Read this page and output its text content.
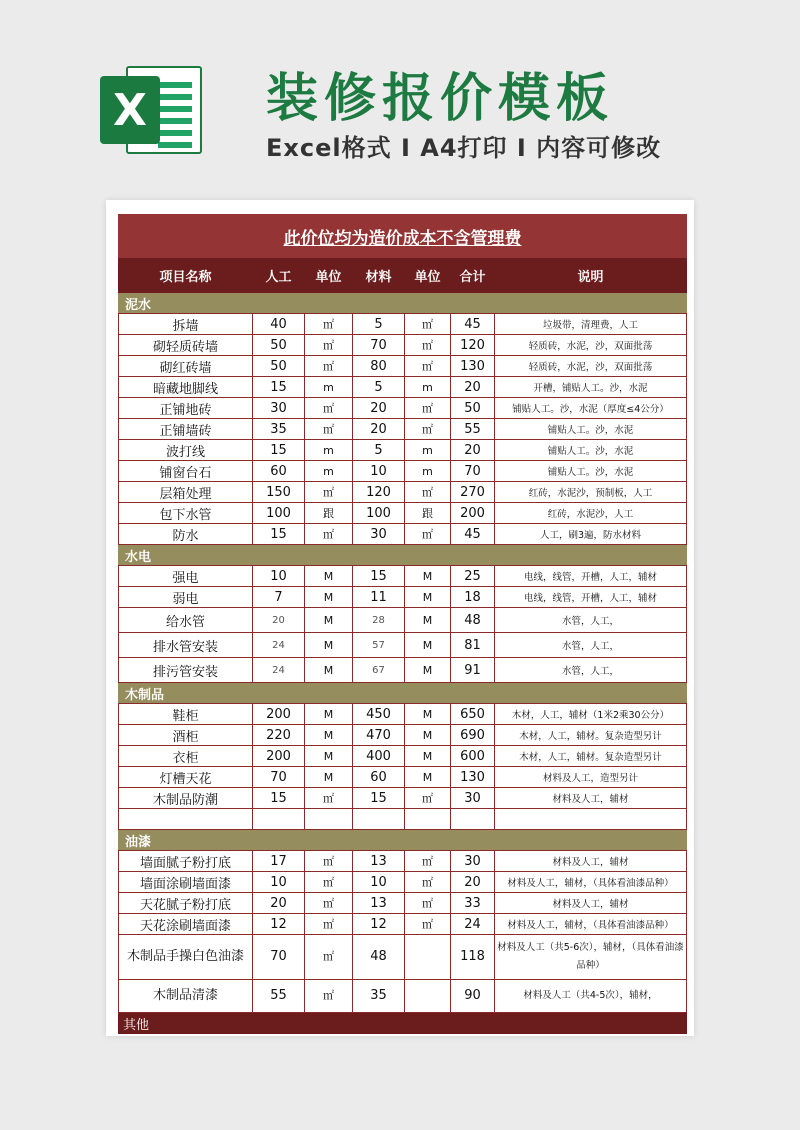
X 装修报价模板
Excel格式 I A4打印 I 内容可修改
此价位均为造价成本不含管理费						
项目名称	人工	单位	材料	单位	合计	说明
泥水						
拆墙	40	㎡	5	㎡	45	垃圾带，清理费，人工
砌轻质砖墙	50	㎡	70	㎡	120	轻质砖，水泥，沙，双面批荡
砌红砖墙	50	㎡	80	㎡	130	轻质砖，水泥，沙，双面批荡
暗藏地脚线	15	m	5	m	20	开槽，铺贴人工。沙，水泥
正铺地砖	30	㎡	20	㎡	50	铺贴人工。沙，水泥（厚度≤4公分）
正铺墙砖	35	㎡	20	㎡	55	铺贴人工。沙，水泥
波打线	15	m	5	m	20	铺贴人工。沙，水泥
铺窗台石	60	m	10	m	70	铺贴人工。沙，水泥
层箱处理	150	㎡	120	㎡	270	红砖，水泥沙，预制板，人工
包下水管	100	跟	100	跟	200	红砖，水泥沙，人工
防水	15	㎡	30	㎡	45	人工，刷3遍，防水材料
水电						
强电	10	M	15	M	25	电线，线管，开槽，人工，辅材
弱电	7	M	11	M	18	电线，线管，开槽，人工，辅材
给水管	20	M	28	M	48	水管，人工，
排水管安装	24	M	57	M	81	水管，人工，
排污管安装	24	M	67	M	91	水管，人工，
木制品						
鞋柜	200	M	450	M	650	木材，人工，辅材（1米2乘30公分）
酒柜	220	M	470	M	690	木材，人工，辅材。复杂造型另计
衣柜	200	M	400	M	600	木材，人工，辅材。复杂造型另计
灯槽天花	70	M	60	M	130	材料及人工，造型另计
木制品防潮	15	㎡	15	㎡	30	材料及人工，辅材

油漆						
墙面腻子粉打底	17	㎡	13	㎡	30	材料及人工，辅材
墙面涂刷墙面漆	10	㎡	10	㎡	20	材料及人工，辅材，（具体看油漆品种）
天花腻子粉打底	20	㎡	13	㎡	33	材料及人工，辅材
天花涂刷墙面漆	12	㎡	12	㎡	24	材料及人工，辅材，（具体看油漆品种）
木制品手操白色油漆	70	㎡	48		118	材料及人工（共5-6次），辅材，（具体看油漆品种）
木制品清漆	55	㎡	35		90	材料及人工（共4-5次），辅材，
其他						
